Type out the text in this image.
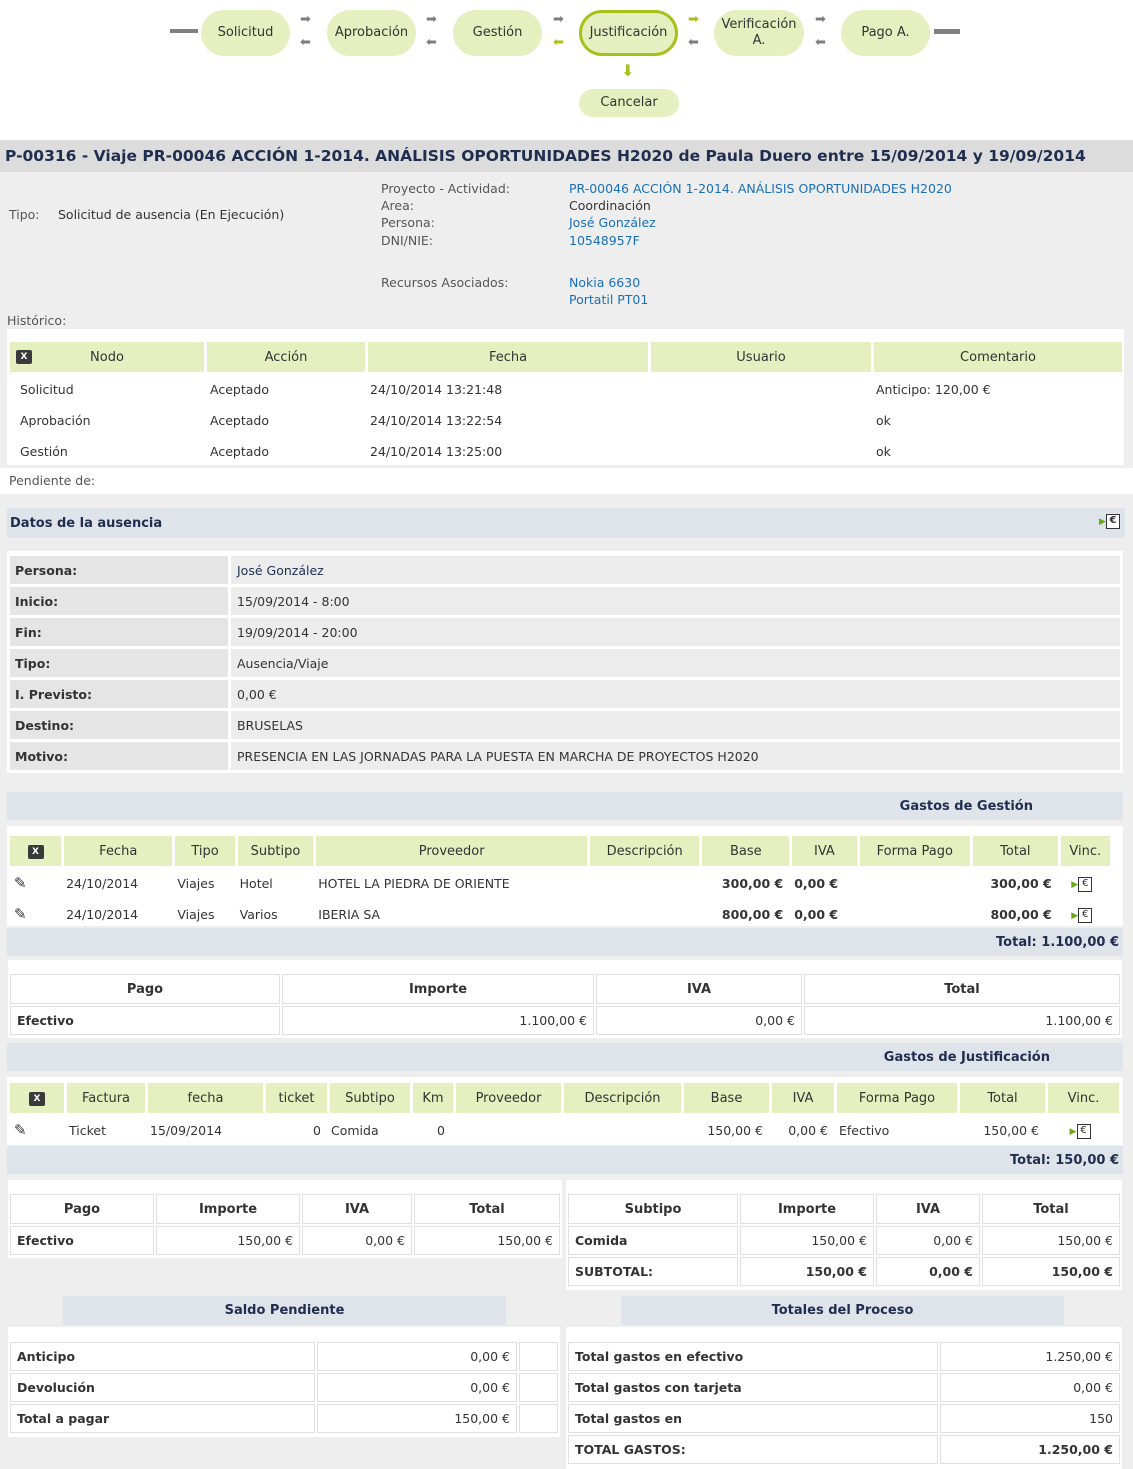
Solicitud
➡
⬅
Aprobación
➡
⬅
Gestión
➡
⬅
Justificación
➡
⬅
Verificación A.
➡
⬅
Pago A.
⬇
Cancelar
P-00316 - Viaje PR-00046 ACCIÓN 1-2014. ANÁLISIS OPORTUNIDADES H2020 de Paula Duero entre 15/09/2014 y 19/09/2014
Tipo: Solicitud de ausencia (En Ejecución)
Proyecto - Actividad:	PR-00046 ACCIÓN 1-2014. ANÁLISIS OPORTUNIDADES H2020
Area:	Coordinación
Persona:	José González
DNI/NIE:	10548957F
Recursos Asociados:	Nokia 6630
Portatil PT01
Histórico:
X Nodo	Acción	Fecha	Usuario	Comentario
Solicitud	Aceptado	24/10/2014 13:21:48		Anticipo: 120,00 €
Aprobación	Aceptado	24/10/2014 13:22:54		ok
Gestión	Aceptado	24/10/2014 13:25:00		ok
Pendiente de:
Datos de la ausencia	▶ €
Persona:	José González
Inicio:	15/09/2014 - 8:00
Fin:	19/09/2014 - 20:00
Tipo:	Ausencia/Viaje
I. Previsto:	0,00 €
Destino:	BRUSELAS
Motivo:	PRESENCIA EN LAS JORNADAS PARA LA PUESTA EN MARCHA DE PROYECTOS H2020
Gastos de Gestión
X	Fecha	Tipo	Subtipo	Proveedor	Descripción	Base	IVA	Forma Pago	Total	Vinc.	
✎	24/10/2014	Viajes	Hotel	HOTEL LA PIEDRA DE ORIENTE		300,00 €	0,00 €		300,00 €	▶ €	
✎	24/10/2014	Viajes	Varios	IBERIA SA		800,00 €	0,00 €		800,00 €	▶ €	
Total: 1.100,00 €
Pago	Importe	IVA	Total
Efectivo	1.100,00 €	0,00 €	1.100,00 €
Gastos de Justificación
X	Factura	fecha	ticket	Subtipo	Km	Proveedor	Descripción	Base	IVA	Forma Pago	Total	Vinc.
✎	Ticket	15/09/2014	0	Comida	0			150,00 €	0,00 €	Efectivo	150,00 €	▶ €
Total: 150,00 €
Pago	Importe	IVA	Total
Efectivo	150,00 €	0,00 €	150,00 €
Subtipo	Importe	IVA	Total
Comida	150,00 €	0,00 €	150,00 €
SUBTOTAL:	150,00 €	0,00 €	150,00 €
Saldo Pendiente	Totales del Proceso
Anticipo	0,00 €	
Devolución	0,00 €	
Total a pagar	150,00 €	
Total gastos en efectivo	1.250,00 €
Total gastos con tarjeta	0,00 €
Total gastos en	150
TOTAL GASTOS:	1.250,00 €
